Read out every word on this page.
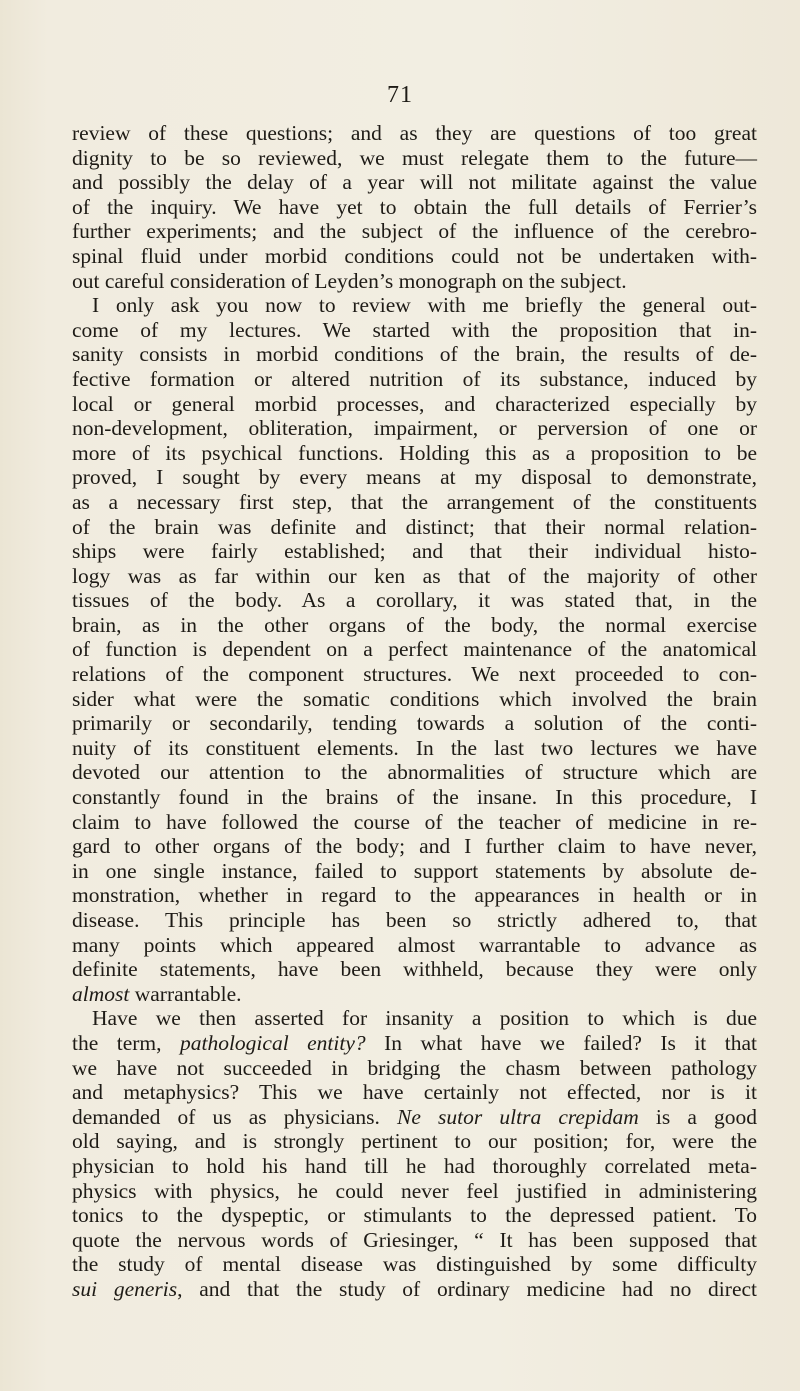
71
review of these questions; and as they are questions of too great
dignity to be so reviewed, we must relegate them to the future—
and possibly the delay of a year will not militate against the value
of the inquiry. We have yet to obtain the full details of Ferrier’s
further experiments; and the subject of the influence of the cerebro-
spinal fluid under morbid conditions could not be undertaken with-
out careful consideration of Leyden’s monograph on the subject.
I only ask you now to review with me briefly the general out-
come of my lectures. We started with the proposition that in-
sanity consists in morbid conditions of the brain, the results of de-
fective formation or altered nutrition of its substance, induced by
local or general morbid processes, and characterized especially by
non-development, obliteration, impairment, or perversion of one or
more of its psychical functions. Holding this as a proposition to be
proved, I sought by every means at my disposal to demonstrate,
as a necessary first step, that the arrangement of the constituents
of the brain was definite and distinct; that their normal relation-
ships were fairly established; and that their individual histo-
logy was as far within our ken as that of the majority of other
tissues of the body. As a corollary, it was stated that, in the
brain, as in the other organs of the body, the normal exercise
of function is dependent on a perfect maintenance of the anatomical
relations of the component structures. We next proceeded to con-
sider what were the somatic conditions which involved the brain
primarily or secondarily, tending towards a solution of the conti-
nuity of its constituent elements. In the last two lectures we have
devoted our attention to the abnormalities of structure which are
constantly found in the brains of the insane. In this procedure, I
claim to have followed the course of the teacher of medicine in re-
gard to other organs of the body; and I further claim to have never,
in one single instance, failed to support statements by absolute de-
monstration, whether in regard to the appearances in health or in
disease. This principle has been so strictly adhered to, that
many points which appeared almost warrantable to advance as
definite statements, have been withheld, because they were only
almost warrantable.
Have we then asserted for insanity a position to which is due
the term, pathological entity? In what have we failed? Is it that
we have not succeeded in bridging the chasm between pathology
and metaphysics? This we have certainly not effected, nor is it
demanded of us as physicians. Ne sutor ultra crepidam is a good
old saying, and is strongly pertinent to our position; for, were the
physician to hold his hand till he had thoroughly correlated meta-
physics with physics, he could never feel justified in administering
tonics to the dyspeptic, or stimulants to the depressed patient. To
quote the nervous words of Griesinger, “ It has been supposed that
the study of mental disease was distinguished by some difficulty
sui generis, and that the study of ordinary medicine had no direct
